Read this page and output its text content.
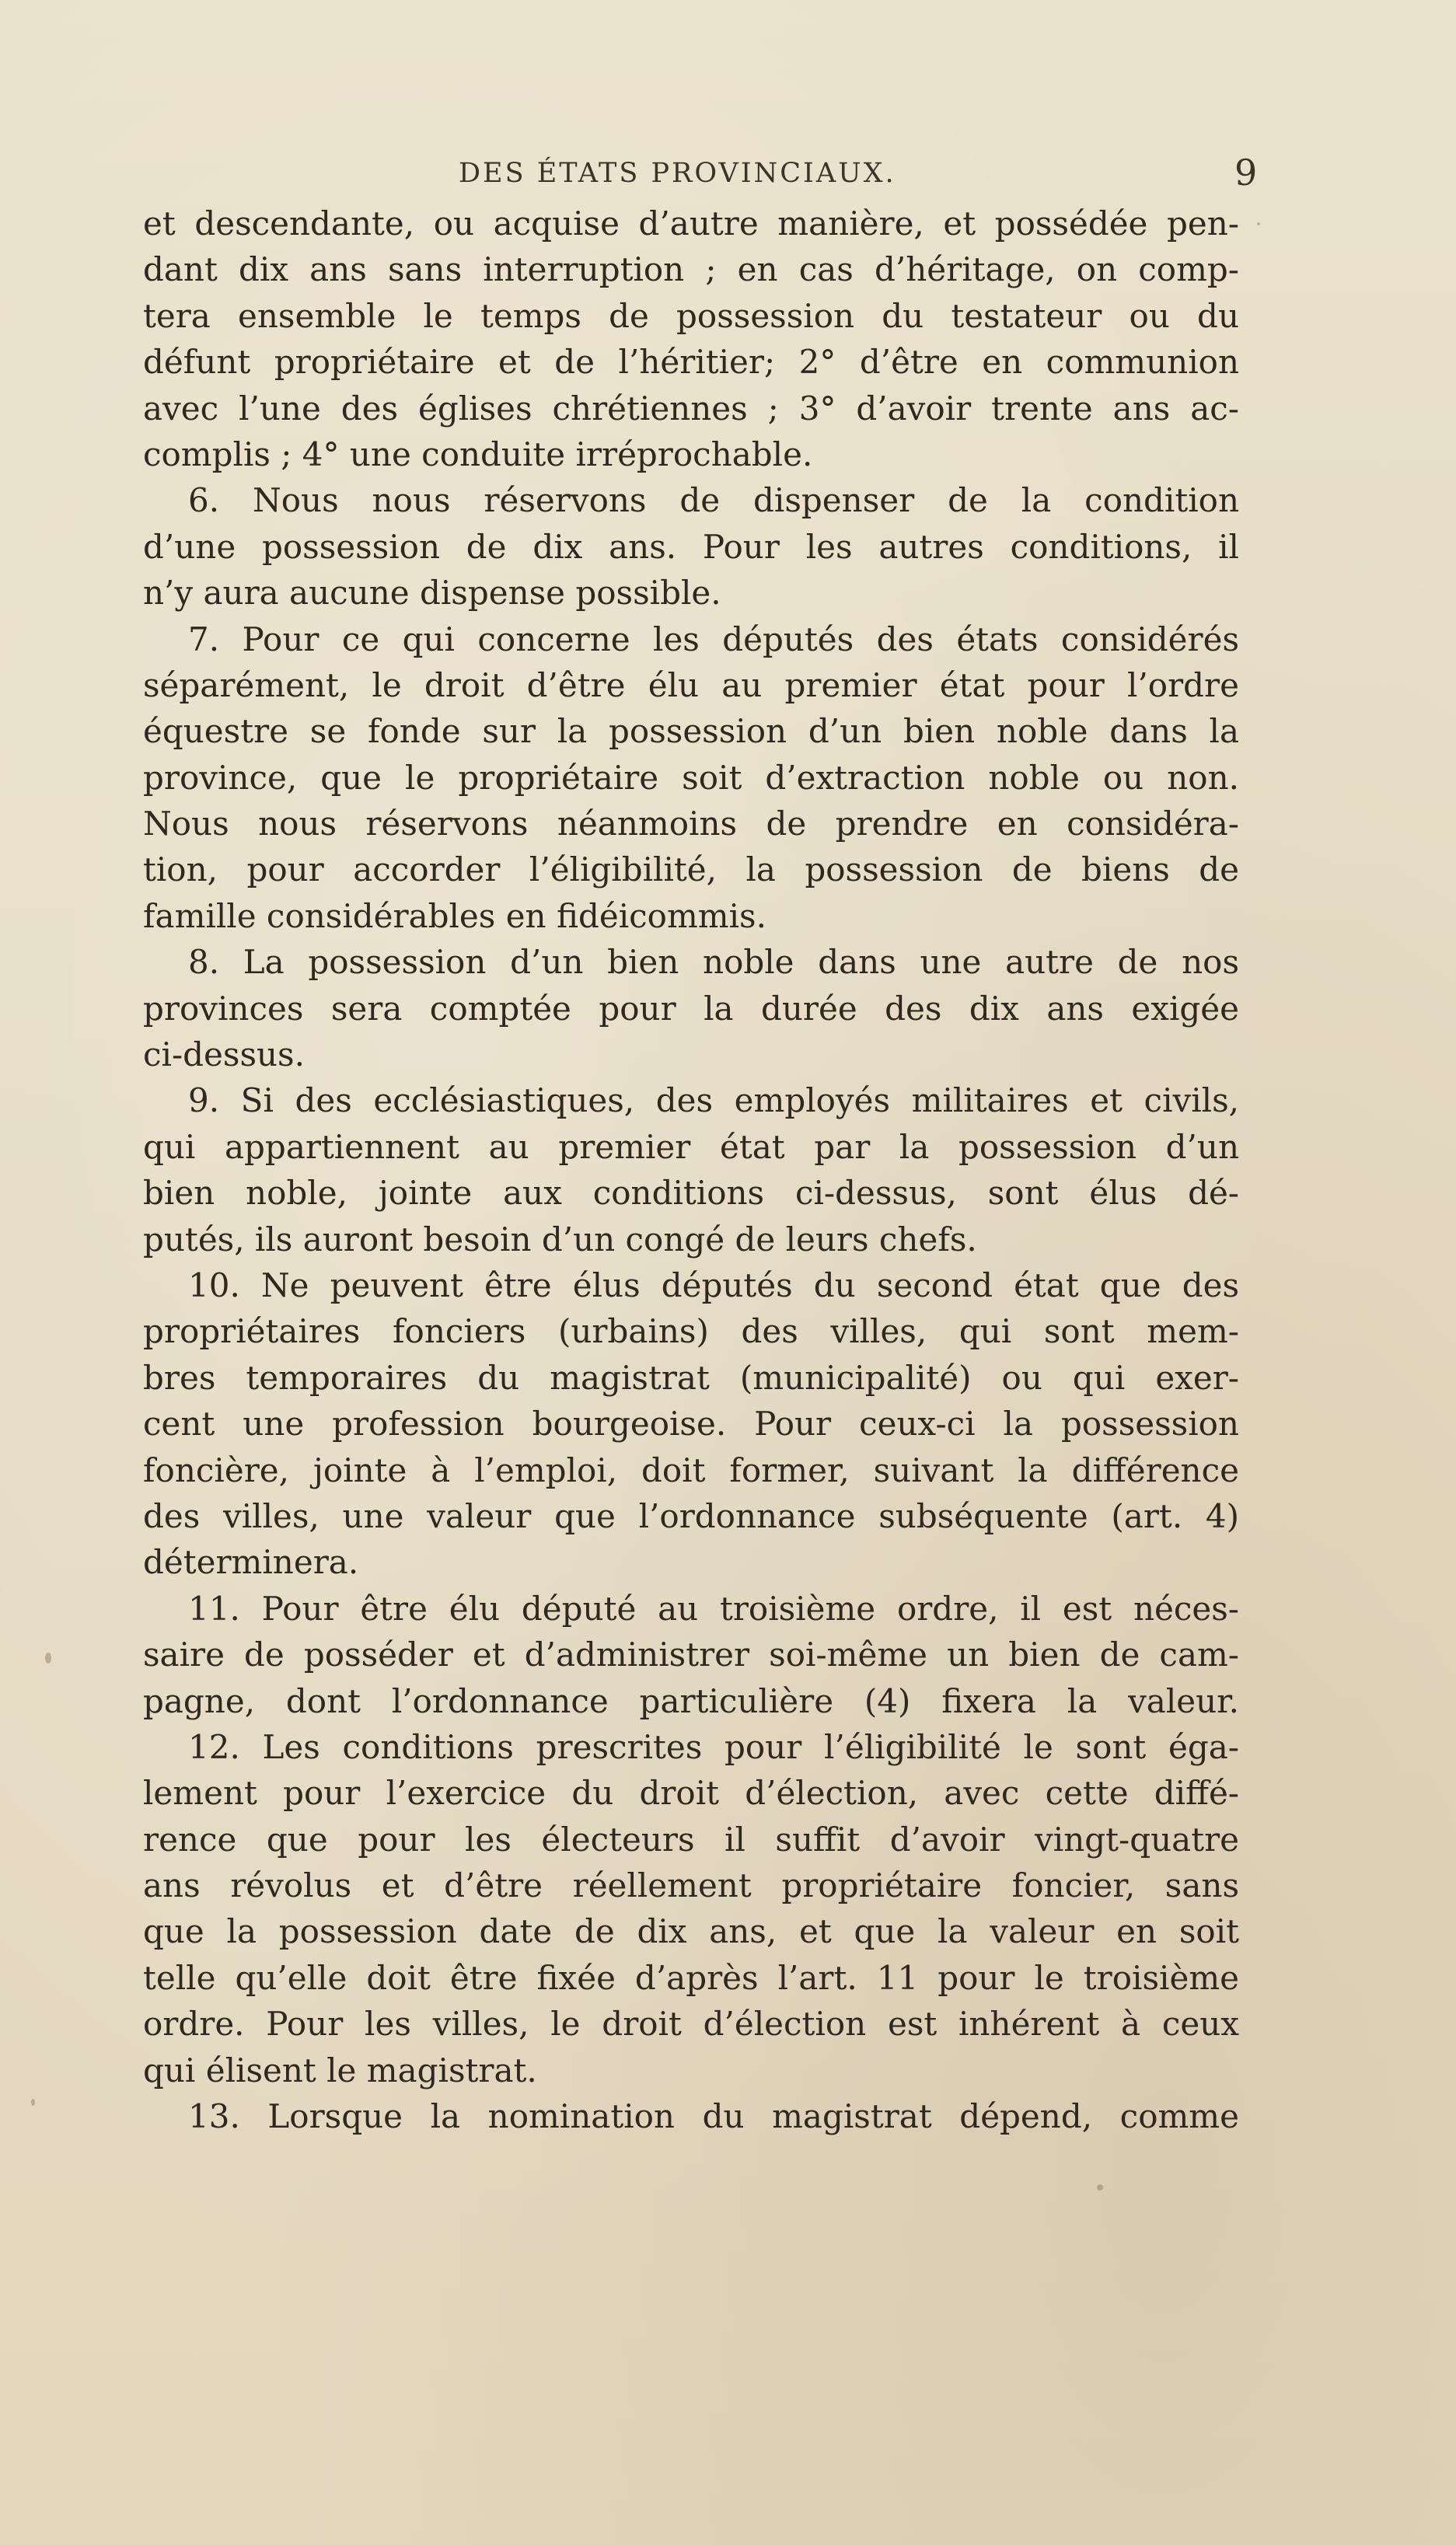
DES ÉTATS PROVINCIAUX.	9
et descendante, ou acquise d’autre manière, et possédée pen-
dant dix ans sans interruption ; en cas d’héritage, on comp-
tera ensemble le temps de possession du testateur ou du
défunt propriétaire et de l’héritier; 2° d’être en communion
avec l’une des églises chrétiennes ; 3° d’avoir trente ans ac-
complis ; 4° une conduite irréprochable.
6. Nous nous réservons de dispenser de la condition
d’une possession de dix ans. Pour les autres conditions, il
n’y aura aucune dispense possible.
7. Pour ce qui concerne les députés des états considérés
séparément, le droit d’être élu au premier état pour l’ordre
équestre se fonde sur la possession d’un bien noble dans la
province, que le propriétaire soit d’extraction noble ou non.
Nous nous réservons néanmoins de prendre en considéra-
tion, pour accorder l’éligibilité, la possession de biens de
famille considérables en fidéicommis.
8. La possession d’un bien noble dans une autre de nos
provinces sera comptée pour la durée des dix ans exigée
ci-dessus.
9. Si des ecclésiastiques, des employés militaires et civils,
qui appartiennent au premier état par la possession d’un
bien noble, jointe aux conditions ci-dessus, sont élus dé-
putés, ils auront besoin d’un congé de leurs chefs.
10. Ne peuvent être élus députés du second état que des
propriétaires fonciers (urbains) des villes, qui sont mem-
bres temporaires du magistrat (municipalité) ou qui exer-
cent une profession bourgeoise. Pour ceux-ci la possession
foncière, jointe à l’emploi, doit former, suivant la différence
des villes, une valeur que l’ordonnance subséquente (art. 4)
déterminera.
11. Pour être élu député au troisième ordre, il est néces-
saire de posséder et d’administrer soi-même un bien de cam-
pagne, dont l’ordonnance particulière (4) fixera la valeur.
12. Les conditions prescrites pour l’éligibilité le sont éga-
lement pour l’exercice du droit d’élection, avec cette diffé-
rence que pour les électeurs il suffit d’avoir vingt-quatre
ans révolus et d’être réellement propriétaire foncier, sans
que la possession date de dix ans, et que la valeur en soit
telle qu’elle doit être fixée d’après l’art. 11 pour le troisième
ordre. Pour les villes, le droit d’élection est inhérent à ceux
qui élisent le magistrat.
13. Lorsque la nomination du magistrat dépend, comme
